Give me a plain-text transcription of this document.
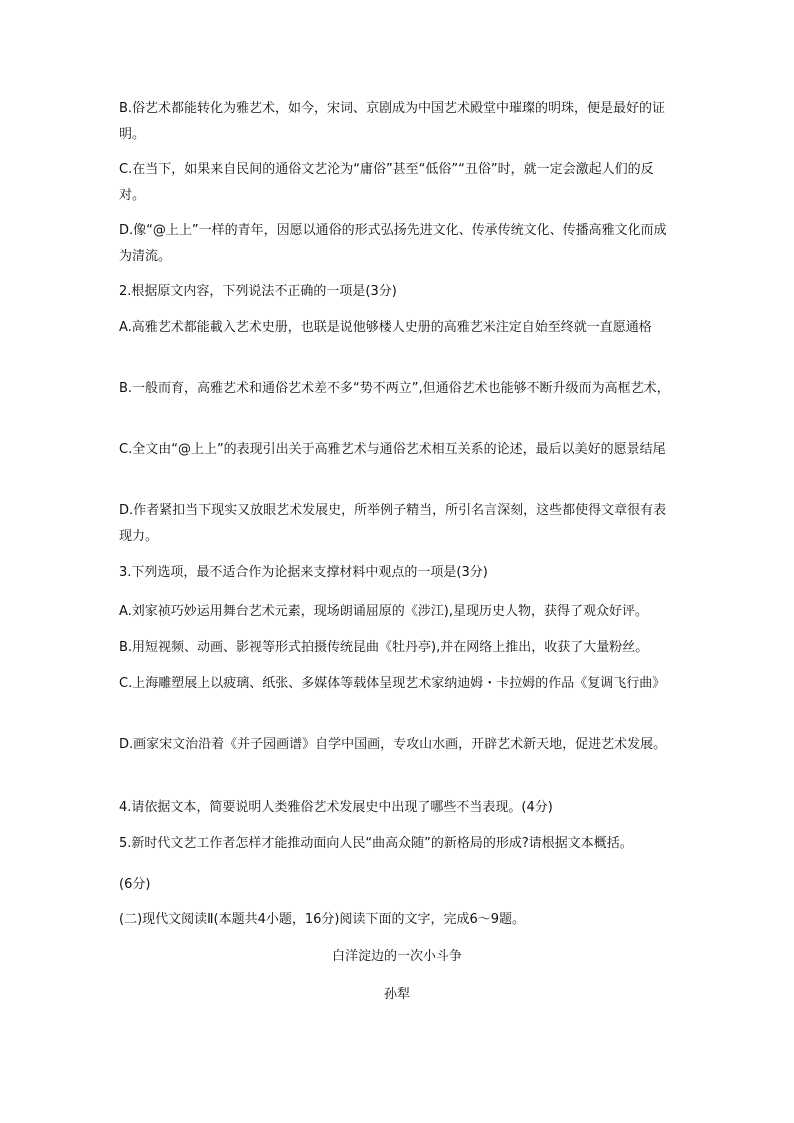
B.俗艺术都能转化为雅艺术，如今，宋词、京剧成为中国艺术殿堂中璀璨的明珠，便是最好的证明。

C.在当下，如果来自民间的通俗文艺沦为“庸俗”甚至“低俗”“丑俗”时，就一定会激起人们的反对。

D.像“@上上”一样的青年，因愿以通俗的形式弘扬先进文化、传承传统文化、传播高雅文化而成为清流。

2.根据原文内容，下列说法不正确的一项是(3分)

A.高雅艺术都能載入艺术史册，也联是说他够楼人史册的高雅艺米注定自始至终就一直愿通格

B.一般而育，高雅艺术和通俗艺术差不多“势不两立”,但通俗艺术也能够不断升级而为高框艺术，

C.全文由“@上上”的表现引出关于高雅艺术与通俗艺术相互关系的论述，最后以美好的愿景结尾

D.作者紧扣当下现实又放眼艺术发展史，所举例子精当，所引名言深刻，这些都使得文章很有表现力。

3.下列选项，最不适合作为论据来支撑材料中观点的一项是(3分)

A.刘家祯巧妙运用舞台艺术元素，现场朗诵屈原的《涉江),星现历史人物，获得了观众好评。

B.用短视频、动画、影视等形式拍摄传统昆曲《牡丹亭),并在网络上推出，收获了大量粉丝。

C.上海雕塑展上以疲璃、纸张、多媒体等载体呈现艺术家纳迪姆・卡拉姆的作品《复调飞行曲》

D.画家宋文治沿着《并子园画谱》自学中国画，专攻山水画，开辟艺术新天地，促进艺术发展。

4.请依据文本，简要说明人类雅俗艺术发展史中出现了哪些不当表现。(4分)

5.新时代文艺工作者怎样才能推动面向人民“曲高众随”的新格局的形成?请根据文本概括。

(6分)

(二)现代文阅读Ⅱ(本题共4小题，16分)阅读下面的文字，完成6～9题。

白洋淀边的一次小斗争

孙犁
